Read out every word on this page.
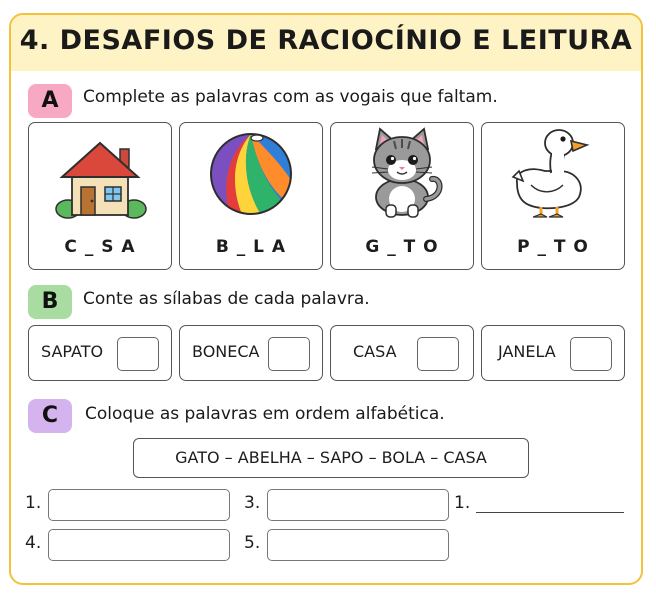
4. DESAFIOS DE RACIOCÍNIO E LEITURA
A	Complete as palavras com as vogais que faltam.
C _ S A	B _ L A	G _ T O	P _ T O
B	Conte as sílabas de cada palavra.
SAPATO	BONECA	CASA	JANELA
C	Coloque as palavras em ordem alfabética.
GATO – ABELHA – SAPO – BOLA – CASA
1.	3.	1.
4.	5.
